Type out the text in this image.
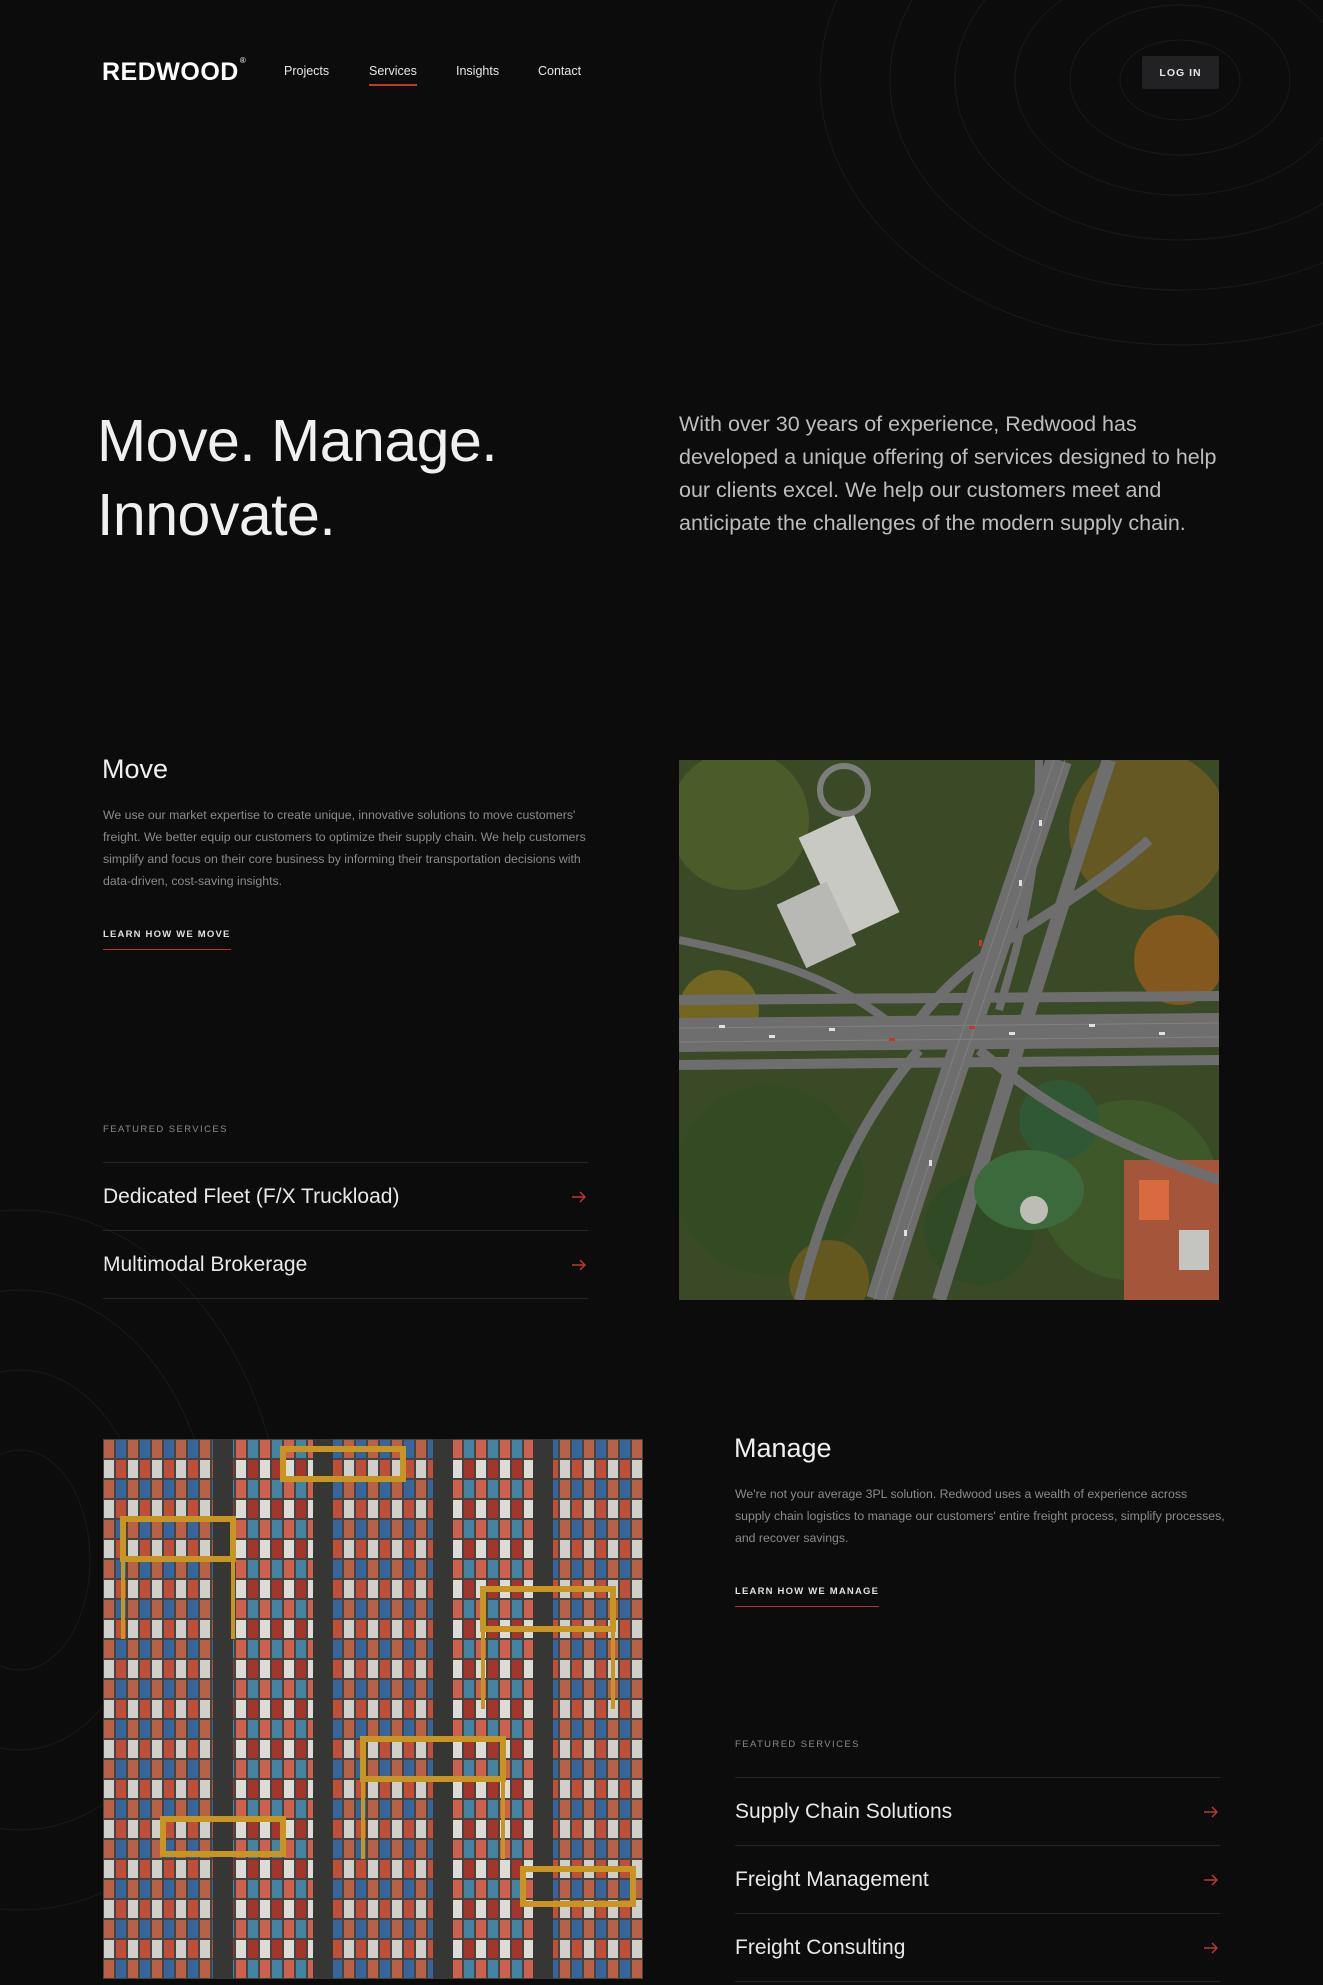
REDWOOD®
Projects	Services	Insights	Contact	LOG IN
Move. Manage.
Innovate.
With over 30 years of experience, Redwood has developed a unique offering of services designed to help our clients excel. We help our customers meet and anticipate the challenges of the modern supply chain.
Move
We use our market expertise to create unique, innovative solutions to move customers' freight. We better equip our customers to optimize their supply chain. We help customers simplify and focus on their core business by informing their transportation decisions with data-driven, cost-saving insights.
LEARN HOW WE MOVE
FEATURED SERVICES
Dedicated Fleet (F/X Truckload)
Multimodal Brokerage
Manage
We're not your average 3PL solution. Redwood uses a wealth of experience across supply chain logistics to manage our customers' entire freight process, simplify processes, and recover savings.
LEARN HOW WE MANAGE
FEATURED SERVICES
Supply Chain Solutions
Freight Management
Freight Consulting
